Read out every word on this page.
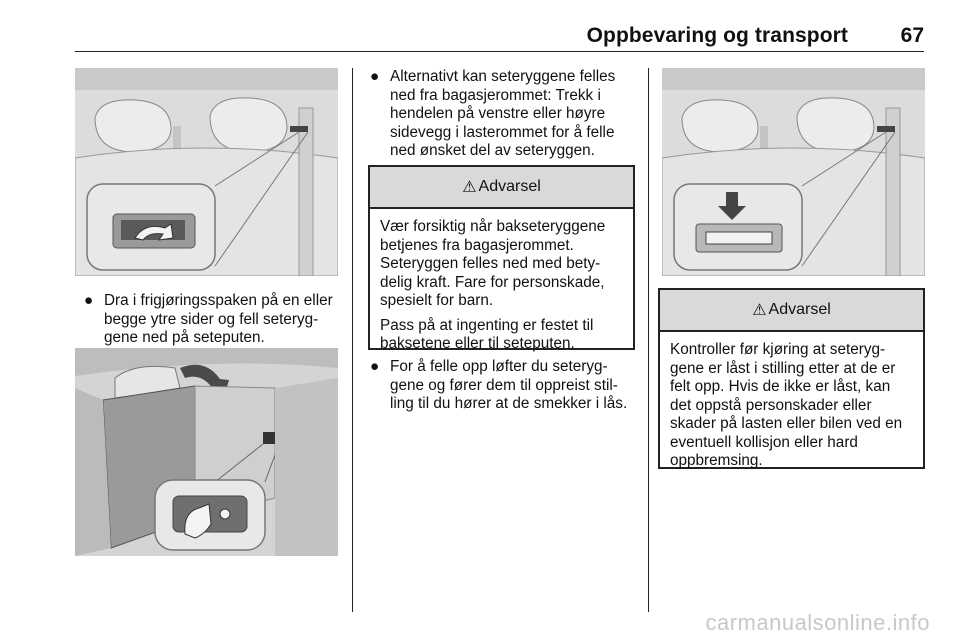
Oppbevaring og transport	67
● Dra i frigjøringsspaken på en eller begge ytre sider og fell seteryg-gene ned på seteputen.
● Alternativt kan seteryggene felles ned fra bagasjerommet: Trekk i hendelen på venstre eller høyre sidevegg i lasterommet for å felle ned ønsket del av seteryggen.
⚠ Advarsel

Vær forsiktig når bakseteryggene betjenes fra bagasjerommet. Seteryggen felles ned med bety-delig kraft. Fare for personskade, spesielt for barn.

Pass på at ingenting er festet til baksetene eller til seteputen.

● For å felle opp løfter du seteryg-gene og fører dem til oppreist stil-ling til du hører at de smekker i lås.
⚠ Advarsel

Kontroller før kjøring at seteryg-gene er låst i stilling etter at de er felt opp. Hvis de ikke er låst, kan det oppstå personskader eller skader på lasten eller bilen ved en eventuell kollisjon eller hard oppbremsing.

carmanualsonline.info
